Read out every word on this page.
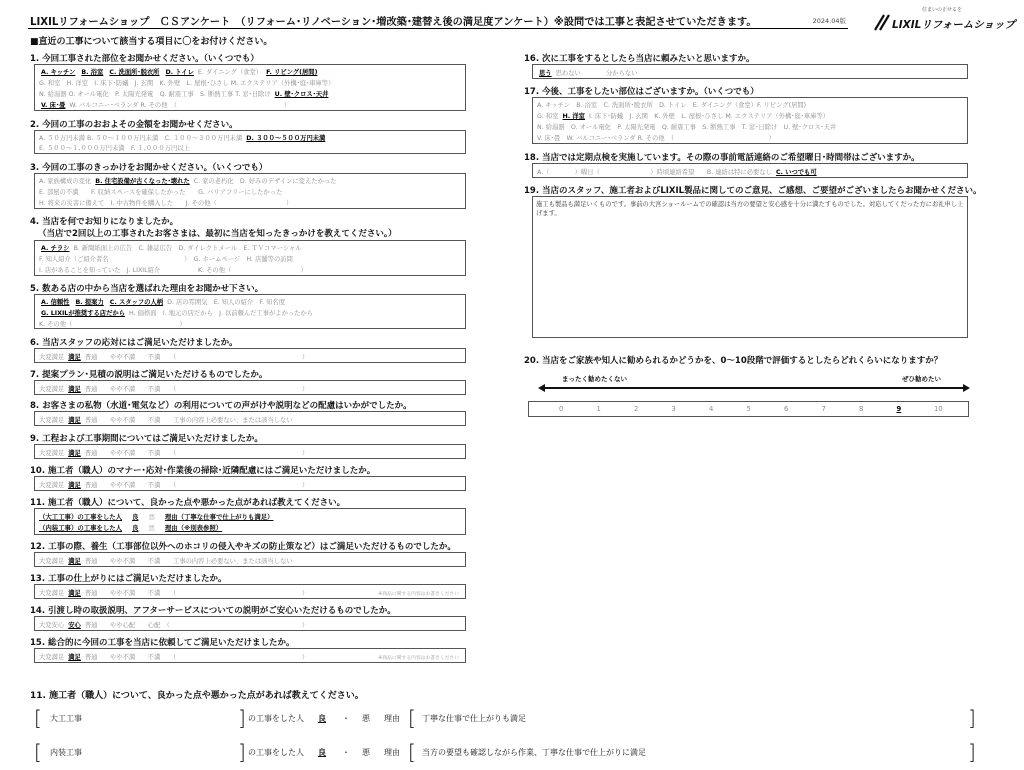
LIXILリフォームショップ　ＣＳアンケート　（リフォーム･リノベーション･増改築･建替え後の満足度アンケート）※設問では工事と表記させていただきます。	2024.04版
住まいの正せるを
LIXILリフォームショップ
■直近の工事について該当する項目に〇をお付けください。
1. 今回工事された部位をお聞かせください。（いくつでも）
A. キッチン B. 浴室 C. 洗面所･脱衣所 D. トイレ E. ダイニング（食堂） F. リビング(居間)
G. 和室　H. 洋室　I. 床下･防蟻　J. 玄関　K. 外壁　L. 屋根･ひさし M. エクステリア（外構･庭･車庫等）
N. 給湯器 O. オール電化　P. 太陽光発電　Q. 耐震工事　S. 断熱工事 T. 窓･日除け U. 壁･クロス･天井
V. 床･畳 W. バルコニー･ベランダ R. その他　（　　　　　　　　　　　　　　　　　）
2. 今回の工事のおおよその金額をお聞かせください。
A. ５０万円未満 B. ５０～１００万円未満　C. １００～３００万円未満 D. ３００～５００万円未満
E. ５００～１,０００万円未満　F. １,０００万円以上
3. 今回の工事のきっかけをお聞かせください。（いくつでも）
A. 家族構成の変化 B. 住宅設備が古くなった･壊れた C. 家の老朽化　D. 好みのデザインに変えたかった
E. 部屋の不満　　F. 収納スペースを確保したかった　　G. バリアフリーにしたかった
H. 将来の災害に備えて　I. 中古物件を購入した　　J. その他（　　　　　　　　　　　）
4. 当店を何でお知りになりましたか。
（当店で2回以上の工事されたお客さまは、最初に当店を知ったきっかけを教えてください。）
A. チラシ B. 新聞紙面上の広告　C. 雑誌広告　D. ダイレクトメール　E. ＴＶコマーシャル
F. 知人紹介（ご紹介者名　　　　　　　　　　　　）　G. ホームページ　H. 店舗等の訪問
I. 店があることを知っていた　J. LIXIL紹介　　　　　　K. その他（　　　　　　　　　　　）
5. 数ある店の中から当店を選ばれた理由をお聞かせ下さい。
A. 信頼性 B. 提案力 C. スタッフの人柄 D. 店の雰囲気　E. 知人の紹介　F. 知名度
G. LIXILが推奨する店だから H. 価格面　I. 地元の店だから　J. 以前頼んだ工事がよかったから
K. その他（　　　　　　　　　　　　　　　　　）
6. 当店スタッフの応対にはご満足いただけましたか。
大変満足 満足 普通　　やや不満　　不満　　（　　　　　　　　　　　　　　　　　　　　）
7. 提案プラン･見積の説明はご満足いただけるものでしたか。
大変満足 満足 普通　　やや不満　　不満　　（　　　　　　　　　　　　　　　　　　　　）
8. お客さまの私物（水道･電気など）の利用についての声がけや説明などの配慮はいかがでしたか。
大変満足 満足 普通　　やや不満　　不満　　工事の内容上必要ない、または該当しない
9. 工程および工事期間についてはご満足いただけましたか。
大変満足 満足 普通　　やや不満　　不満　　（　　　　　　　　　　　　　　　　　　　　）
10. 施工者（職人）のマナー･応対･作業後の掃除･近隣配慮にはご満足いただけましたか。
大変満足 満足 普通　　やや不満　　不満　　（　　　　　　　　　　　　　　　　　　　　）
11. 施工者（職人）について、良かった点や悪かった点があれば教えてください。
（大工工事）の工事をした人 良 悪 理由（丁寧な仕事で仕上がりも満足）
（内装工事）の工事をした人 良 悪 理由（※別表参照）
12. 工事の際、養生（工事部位以外へのホコリの侵入やキズの防止策など）はご満足いただけるものでしたか。
大変満足 満足 普通　　やや不満　　不満　　工事の内容上必要ない、または該当しない
13. 工事の仕上がりにはご満足いただけましたか。
大変満足 満足 普通　　やや不満　　不満　　（　　　　　　　　　　　　　　　　　　　　）	※商品に関する内容はお書きください
14. 引渡し時の取扱説明、アフターサービスについての説明がご安心いただけるものでしたか。
大変安心 安心 普通　　やや心配　　心配　（　　　　　　　　　　　　　　　　　　　　　）
15. 総合的に今回の工事を当店に依頼してご満足いただけましたか。
大変満足 満足 普通　　やや不満　　不満　　（　　　　　　　　　　　　　　　　　　　　）	※商品に関する内容はお書きください
16. 次に工事をするとしたら当店に頼みたいと思いますか。
思う 思わない　　　　分からない
17. 今後、工事をしたい部位はございますか。（いくつでも）
A. キッチン　B. 浴室　C. 洗面所･脱衣所　D. トイレ　E. ダイニング（食堂）F. リビング(居間)
G. 和室 H. 洋室 I. 床下･防蟻　J. 玄関　K. 外壁　L. 屋根･ひさし M. エクステリア（外構･庭･車庫等）
N. 給湯器　O. オール電化　P. 太陽光発電　Q. 耐震工事　S. 断熱工事　T. 窓･日除け　U. 壁･クロス･天井
V. 床･畳　W. バルコニー･ベランダ R. その他　（　　　　　　　　　　　　　　　）
18. 当店では定期点検を実施しています。その際の事前電話連絡のご希望曜日･時間帯はございますか。
A.（　　　　）曜日（　　　　　　　　）時頃連絡希望　　B. 連絡は特に必要なし C. いつでも可
19. 当店のスタッフ、施工者およびLIXIL製品に関してのご意見、ご感想、ご要望がございましたらお聞かせください。
施工も製品も満足いくものです。事前の大宮ショールームでの確認は当方の要望と安心感を十分に満たすものでした。対応してくだった方にお礼申し上げます。
20. 当店をご家族や知人に勧められるかどうかを、0～10段階で評価するとしたらどれくらいになりますか？
まったく勧めたくない	ぜひ勧めたい
0	1	2	3	4	5	6	7	8	9	10
11. 施工者（職人）について、良かった点や悪かった点があれば教えてください。
[ 大工工事	] の工事をした人 良 ・ 悪 理由 [ 丁寧な仕事で仕上がりも満足	]
[ 内装工事	] の工事をした人 良 ・ 悪 理由 [ 当方の要望も確認しながら作業、丁寧な仕事で仕上がりに満足	]
